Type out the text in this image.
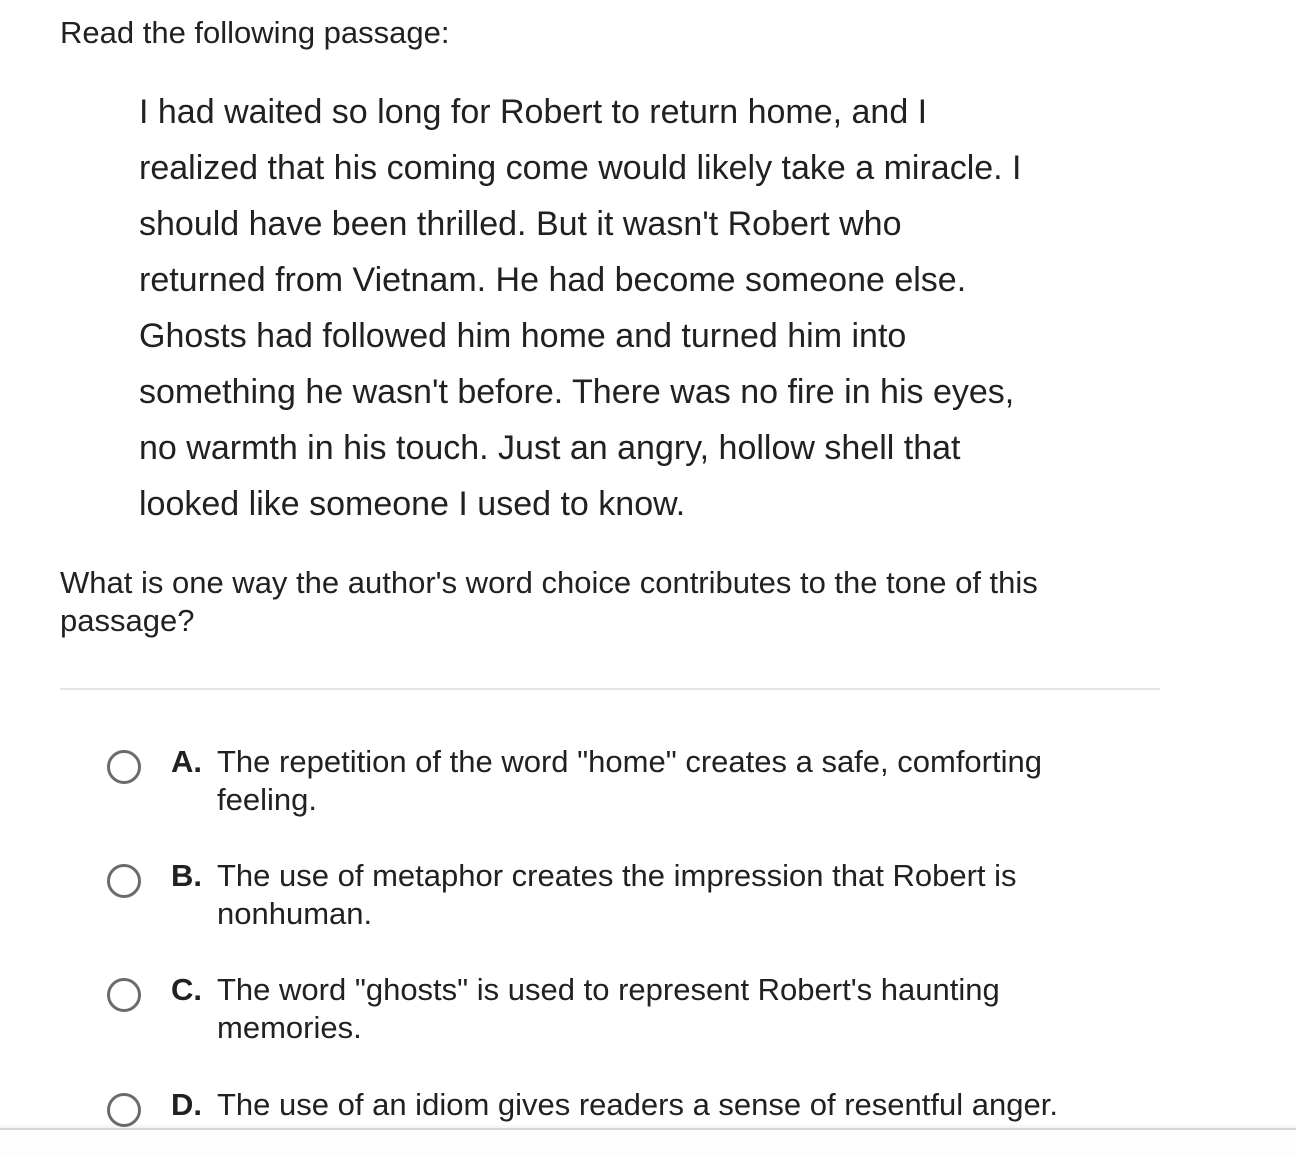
Read the following passage:

I had waited so long for Robert to return home, and I
realized that his coming come would likely take a miracle. I
should have been thrilled. But it wasn't Robert who
returned from Vietnam. He had become someone else.
Ghosts had followed him home and turned him into
something he wasn't before. There was no fire in his eyes,
no warmth in his touch. Just an angry, hollow shell that
looked like someone I used to know.

What is one way the author's word choice contributes to the tone of this passage?

A. The repetition of the word "home" creates a safe, comforting
feeling.
B. The use of metaphor creates the impression that Robert is
nonhuman.
C. The word "ghosts" is used to represent Robert's haunting
memories.
D. The use of an idiom gives readers a sense of resentful anger.
